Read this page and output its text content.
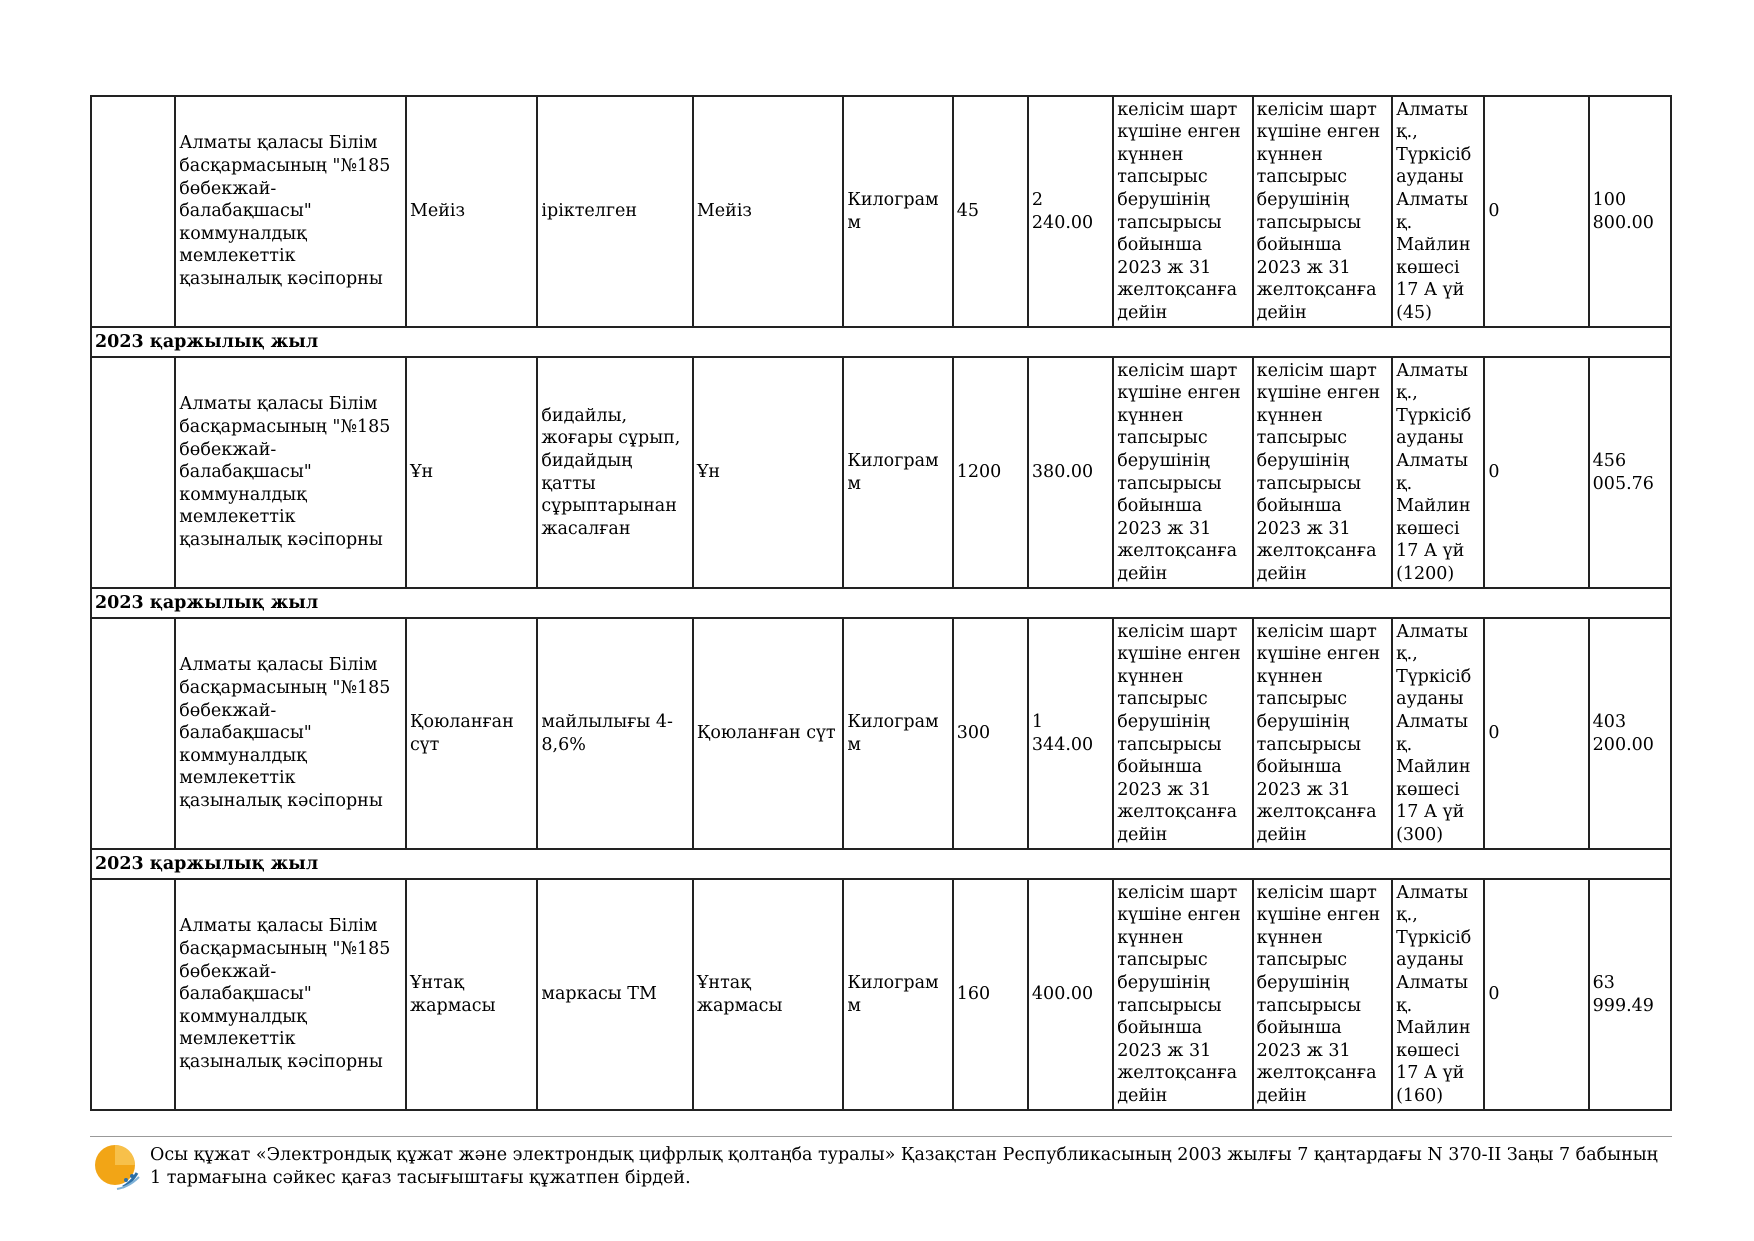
	Алматы қаласы Білім басқармасының "№185 бөбекжай-балабақшасы" коммуналдық мемлекеттік қазыналық кәсіпорны	Мейіз	іріктелген	Мейіз	Килограмм	45	2 240.00	келісім шарт күшіне енген күннен тапсырыс берушінің тапсырысы бойынша 2023 ж 31 желтоқсанға дейін	келісім шарт күшіне енген күннен тапсырыс берушінің тапсырысы бойынша 2023 ж 31 желтоқсанға дейін	Алматы қ., Түркісіб ауданы Алматы қ. Майлин көшесі 17 А үй (45)	0	100 800.00
2023 қаржылық жыл												
	Алматы қаласы Білім басқармасының "№185 бөбекжай-балабақшасы" коммуналдық мемлекеттік қазыналық кәсіпорны	Ұн	бидайлы, жоғары сұрып, бидайдың қатты сұрыптарынан жасалған	Ұн	Килограмм	1200	380.00	келісім шарт күшіне енген күннен тапсырыс берушінің тапсырысы бойынша 2023 ж 31 желтоқсанға дейін	келісім шарт күшіне енген күннен тапсырыс берушінің тапсырысы бойынша 2023 ж 31 желтоқсанға дейін	Алматы қ., Түркісіб ауданы Алматы қ. Майлин көшесі 17 А үй (1200)	0	456 005.76
2023 қаржылық жыл												
	Алматы қаласы Білім басқармасының "№185 бөбекжай-балабақшасы" коммуналдық мемлекеттік қазыналық кәсіпорны	Қоюланған сүт	майлылығы 4-8,6%	Қоюланған сүт	Килограмм	300	1 344.00	келісім шарт күшіне енген күннен тапсырыс берушінің тапсырысы бойынша 2023 ж 31 желтоқсанға дейін	келісім шарт күшіне енген күннен тапсырыс берушінің тапсырысы бойынша 2023 ж 31 желтоқсанға дейін	Алматы қ., Түркісіб ауданы Алматы қ. Майлин көшесі 17 А үй (300)	0	403 200.00
2023 қаржылық жыл												
	Алматы қаласы Білім басқармасының "№185 бөбекжай-балабақшасы" коммуналдық мемлекеттік қазыналық кәсіпорны	Ұнтақ жармасы	маркасы ТМ	Ұнтақ жармасы	Килограмм	160	400.00	келісім шарт күшіне енген күннен тапсырыс берушінің тапсырысы бойынша 2023 ж 31 желтоқсанға дейін	келісім шарт күшіне енген күннен тапсырыс берушінің тапсырысы бойынша 2023 ж 31 желтоқсанға дейін	Алматы қ., Түркісіб ауданы Алматы қ. Майлин көшесі 17 А үй (160)	0	63 999.49
Осы құжат «Электрондық құжат және электрондық цифрлық қолтаңба туралы» Қазақстан Республикасының 2003 жылғы 7 қаңтардағы N 370-II Заңы 7 бабының 1 тармағына сәйкес қағаз тасығыштағы құжатпен бірдей.
